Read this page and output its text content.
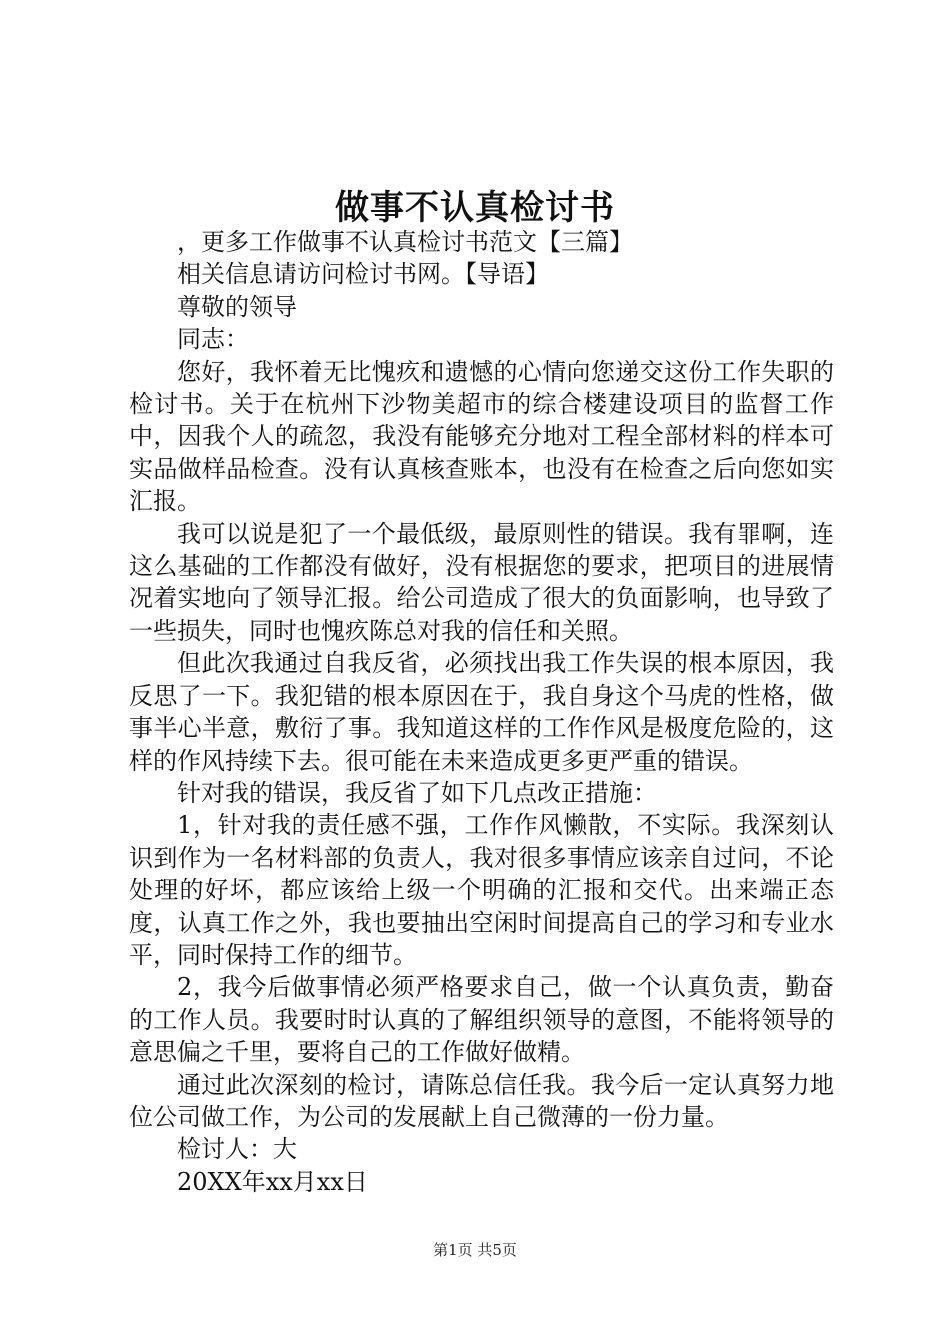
做事不认真检讨书

，更多工作做事不认真检讨书范文【三篇】

相关信息请访问检讨书网。【导语】

尊敬的领导

同志：

您好，我怀着无比愧疚和遗憾的心情向您递交这份工作失职的检讨书。关于在杭州下沙物美超市的综合楼建设项目的监督工作中，因我个人的疏忽，我没有能够充分地对工程全部材料的样本可实品做样品检查。没有认真核查账本，也没有在检查之后向您如实汇报。

我可以说是犯了一个最低级，最原则性的错误。我有罪啊，连这么基础的工作都没有做好，没有根据您的要求，把项目的进展情况着实地向了领导汇报。给公司造成了很大的负面影响，也导致了一些损失，同时也愧疚陈总对我的信任和关照。

但此次我通过自我反省，必须找出我工作失误的根本原因，我反思了一下。我犯错的根本原因在于，我自身这个马虎的性格，做事半心半意，敷衍了事。我知道这样的工作作风是极度危险的，这样的作风持续下去。很可能在未来造成更多更严重的错误。

针对我的错误，我反省了如下几点改正措施：

1，针对我的责任感不强，工作作风懒散，不实际。我深刻认识到作为一名材料部的负责人，我对很多事情应该亲自过问，不论处理的好坏，都应该给上级一个明确的汇报和交代。出来端正态度，认真工作之外，我也要抽出空闲时间提高自己的学习和专业水平，同时保持工作的细节。

2，我今后做事情必须严格要求自己，做一个认真负责，勤奋的工作人员。我要时时认真的了解组织领导的意图，不能将领导的意思偏之千里，要将自己的工作做好做精。

通过此次深刻的检讨，请陈总信任我。我今后一定认真努力地位公司做工作，为公司的发展献上自己微薄的一份力量。

检讨人：大

20XX年xx月xx日

第1页 共5页
